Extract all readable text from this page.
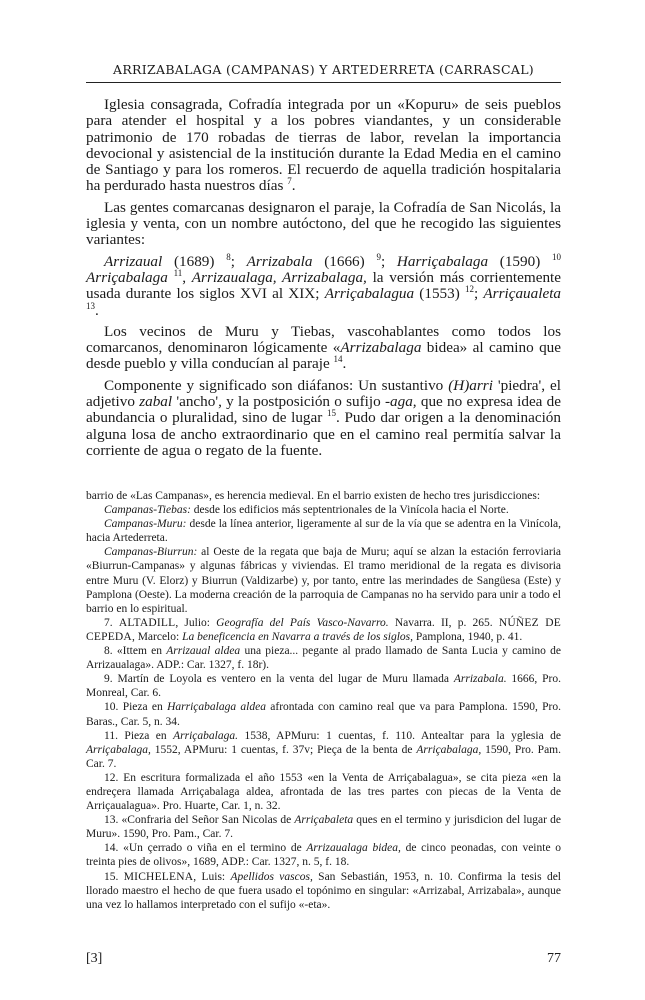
ARRIZABALAGA (CAMPANAS) Y ARTEDERRETA (CARRASCAL)

Iglesia consagrada, Cofradía integrada por un «Kopuru» de seis pueblos para atender el hospital y a los pobres viandantes, y un considerable patrimonio de 170 robadas de tierras de labor, revelan la importancia devocional y asistencial de la institución durante la Edad Media en el camino de Santiago y para los romeros. El recuerdo de aquella tradición hospitalaria ha perdurado hasta nuestros días $^7$.

Las gentes comarcanas designaron el paraje, la Cofradía de San Nicolás, la iglesia y venta, con un nombre autóctono, del que he recogido las siguientes variantes:

Arrizaual (1689) $^8$; Arrizabala (1666) $^9$; Harriçabalaga (1590) $^{10}$ Arriçabalaga $^{11}$, Arrizaualaga, Arrizabalaga, la versión más corrientemente usada durante los siglos XVI al XIX; Arriçabalagua (1553) $^{12}$; Arriçaualeta $^{13}$.

Los vecinos de Muru y Tiebas, vascohablantes como todos los comarcanos, denominaron lógicamente «Arrizabalaga bidea» al camino que desde pueblo y villa conducían al paraje $^{14}$.

Componente y significado son diáfanos: Un sustantivo (H)arri 'piedra', el adjetivo zabal 'ancho', y la postposición o sufijo -aga, que no expresa idea de abundancia o pluralidad, sino de lugar $^{15}$. Pudo dar origen a la denominación alguna losa de ancho extraordinario que en el camino real permitía salvar la corriente de agua o regato de la fuente.

barrio de «Las Campanas», es herencia medieval. En el barrio existen de hecho tres jurisdicciones:

Campanas-Tiebas: desde los edificios más septentrionales de la Vinícola hacia el Norte.

Campanas-Muru: desde la línea anterior, ligeramente al sur de la vía que se adentra en la Vinícola, hacia Artederreta.

Campanas-Biurrun: al Oeste de la regata que baja de Muru; aquí se alzan la estación ferroviaria «Biurrun-Campanas» y algunas fábricas y viviendas. El tramo meridional de la regata es divisoria entre Muru (V. Elorz) y Biurrun (Valdizarbe) y, por tanto, entre las merindades de Sangüesa (Este) y Pamplona (Oeste). La moderna creación de la parroquia de Campanas no ha servido para unir a todo el barrio en lo espiritual.

7. ALTADILL, Julio: Geografía del País Vasco-Navarro. Navarra. II, p. 265. NÚÑEZ DE CEPEDA, Marcelo: La beneficencia en Navarra a través de los siglos, Pamplona, 1940, p. 41.

8. «Ittem en Arrizaual aldea una pieza... pegante al prado llamado de Santa Lucia y camino de Arrizaualaga». ADP.: Car. 1327, f. 18r).

9. Martín de Loyola es ventero en la venta del lugar de Muru llamada Arrizabala. 1666, Pro. Monreal, Car. 6.

10. Pieza en Harriçabalaga aldea afrontada con camino real que va para Pamplona. 1590, Pro. Baras., Car. 5, n. 34.

11. Pieza en Arriçabalaga. 1538, APMuru: 1 cuentas, f. 110. Antealtar para la yglesia de Arriçabalaga, 1552, APMuru: 1 cuentas, f. 37v; Pieça de la benta de Arriçabalaga, 1590, Pro. Pam. Car. 7.

12. En escritura formalizada el año 1553 «en la Venta de Arriçabalagua», se cita pieza «en la endreçera llamada Arriçabalaga aldea, afrontada de las tres partes con piecas de la Venta de Arriçaualagua». Pro. Huarte, Car. 1, n. 32.

13. «Confraria del Señor San Nicolas de Arriçabaleta ques en el termino y jurisdicion del lugar de Muru». 1590, Pro. Pam., Car. 7.

14. «Un çerrado o viña en el termino de Arrizaualaga bidea, de cinco peonadas, con veinte o treinta pies de olivos», 1689, ADP.: Car. 1327, n. 5, f. 18.

15. MICHELENA, Luis: Apellidos vascos, San Sebastián, 1953, n. 10. Confirma la tesis del llorado maestro el hecho de que fuera usado el topónimo en singular: «Arrizabal, Arrizabala», aunque una vez lo hallamos interpretado con el sufijo «-eta».

[3]	77
